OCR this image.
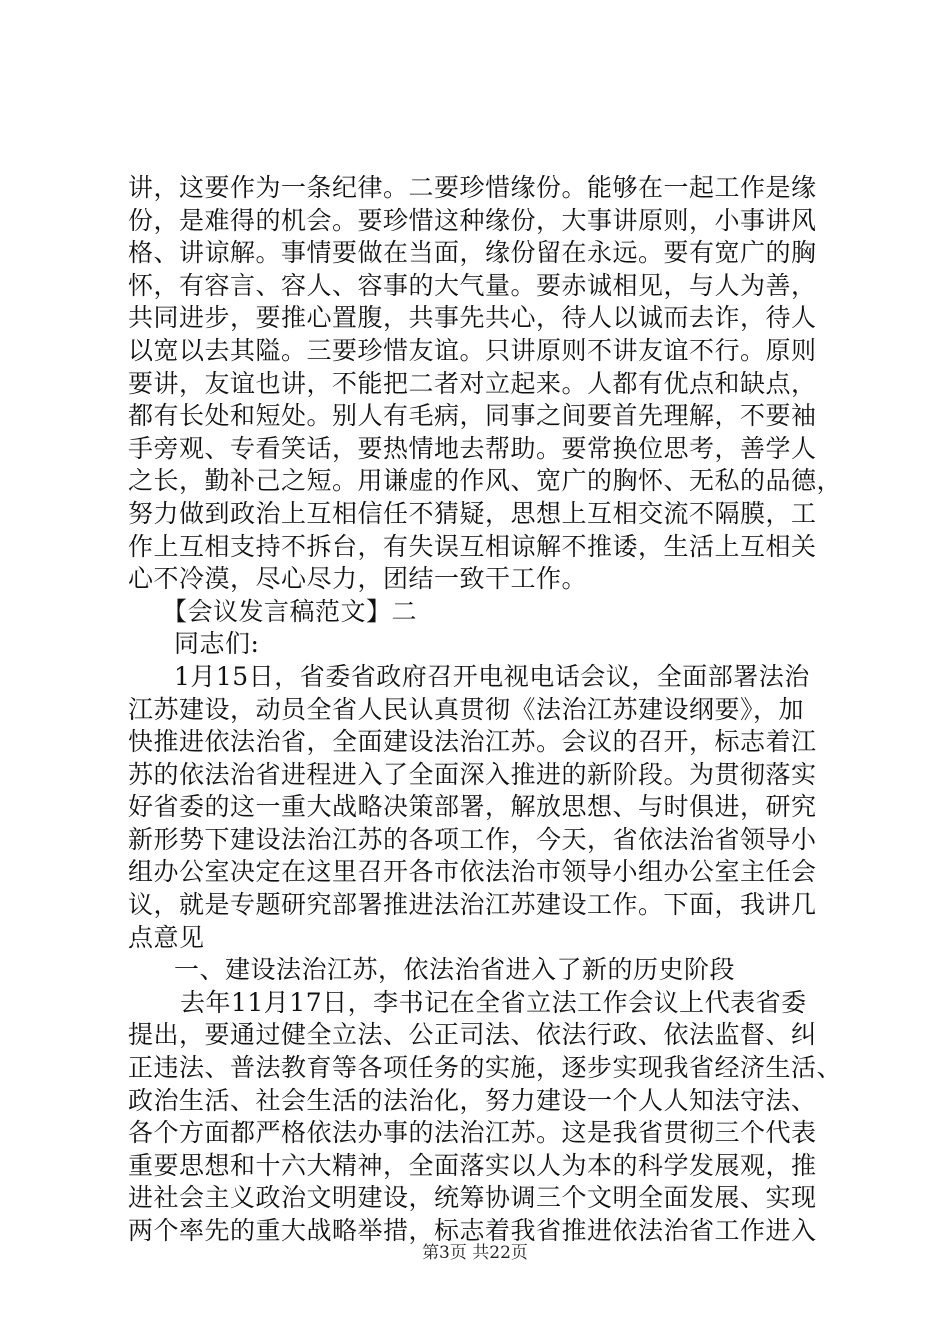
讲，这要作为一条纪律。二要珍惜缘份。能够在一起工作是缘
份，是难得的机会。要珍惜这种缘份，大事讲原则，小事讲风
格、讲谅解。事情要做在当面，缘份留在永远。要有宽广的胸
怀，有容言、容人、容事的大气量。要赤诚相见，与人为善，
共同进步，要推心置腹，共事先共心，待人以诚而去诈，待人
以宽以去其隘。三要珍惜友谊。只讲原则不讲友谊不行。原则
要讲，友谊也讲，不能把二者对立起来。人都有优点和缺点，
都有长处和短处。别人有毛病，同事之间要首先理解，不要袖
手旁观、专看笑话，要热情地去帮助。要常换位思考，善学人
之长，勤补己之短。用谦虚的作风、宽广的胸怀、无私的品德，
努力做到政治上互相信任不猜疑，思想上互相交流不隔膜，工
作上互相支持不拆台，有失误互相谅解不推诿，生活上互相关
心不冷漠，尽心尽力，团结一致干工作。
【会议发言稿范文】二
同志们:
1月15日，省委省政府召开电视电话会议，全面部署法治
江苏建设，动员全省人民认真贯彻《法治江苏建设纲要》，加
快推进依法治省，全面建设法治江苏。会议的召开，标志着江
苏的依法治省进程进入了全面深入推进的新阶段。为贯彻落实
好省委的这一重大战略决策部署，解放思想、与时俱进，研究
新形势下建设法治江苏的各项工作，今天，省依法治省领导小
组办公室决定在这里召开各市依法治市领导小组办公室主任会
议，就是专题研究部署推进法治江苏建设工作。下面，我讲几
点意见
一、建设法治江苏，依法治省进入了新的历史阶段
去年11月17日，李书记在全省立法工作会议上代表省委
提出，要通过健全立法、公正司法、依法行政、依法监督、纠
正违法、普法教育等各项任务的实施，逐步实现我省经济生活、
政治生活、社会生活的法治化，努力建设一个人人知法守法、
各个方面都严格依法办事的法治江苏。这是我省贯彻三个代表
重要思想和十六大精神，全面落实以人为本的科学发展观，推
进社会主义政治文明建设，统筹协调三个文明全面发展、实现
两个率先的重大战略举措，标志着我省推进依法治省工作进入
第3页 共22页
